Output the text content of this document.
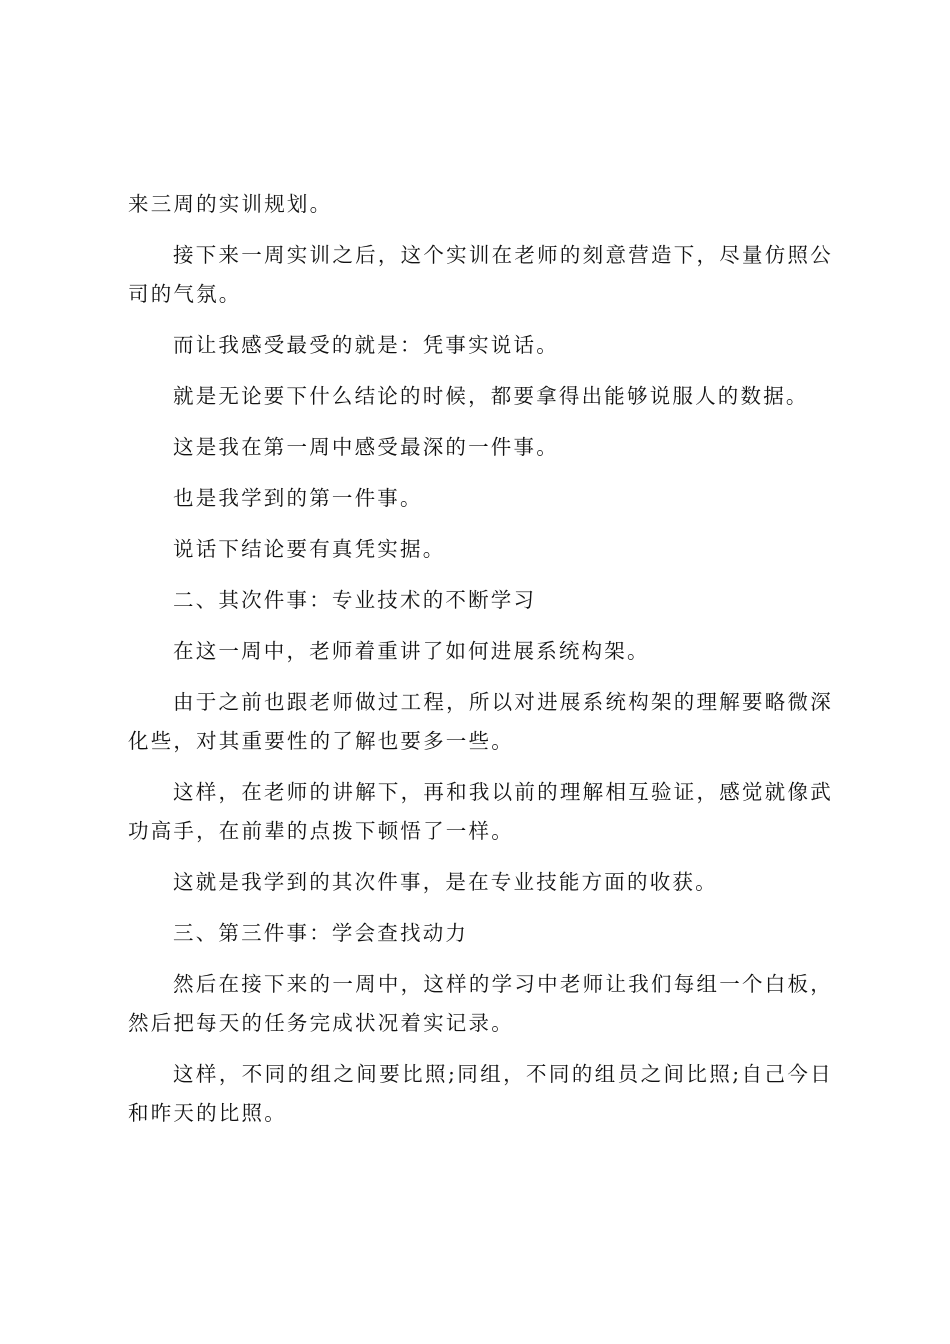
来三周的实训规划。

接下来一周实训之后，这个实训在老师的刻意营造下，尽量仿照公司的气氛。

而让我感受最受的就是：凭事实说话。

就是无论要下什么结论的时候，都要拿得出能够说服人的数据。

这是我在第一周中感受最深的一件事。

也是我学到的第一件事。

说话下结论要有真凭实据。

二、其次件事：专业技术的不断学习

在这一周中，老师着重讲了如何进展系统构架。

由于之前也跟老师做过工程，所以对进展系统构架的理解要略微深化些，对其重要性的了解也要多一些。

这样，在老师的讲解下，再和我以前的理解相互验证，感觉就像武功高手，在前辈的点拨下顿悟了一样。

这就是我学到的其次件事，是在专业技能方面的收获。

三、第三件事：学会查找动力

然后在接下来的一周中，这样的学习中老师让我们每组一个白板，然后把每天的任务完成状况着实记录。

这样，不同的组之间要比照;同组，不同的组员之间比照;自己今日和昨天的比照。
